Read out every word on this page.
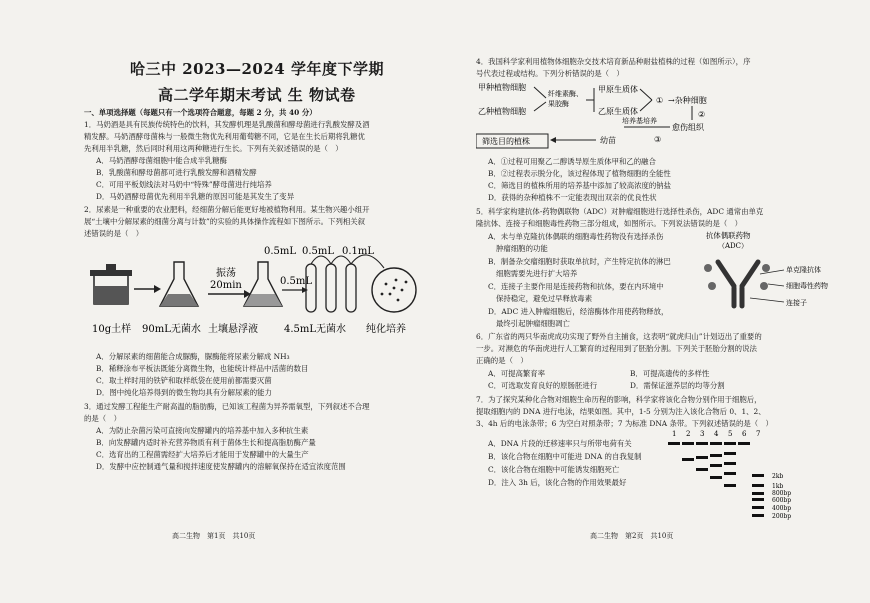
哈三中 2023—2024 学年度下学期
高二学年期末考试 生 物试卷
一、单项选择题（每题只有一个选项符合题意，每题 2 分，共 40 分）
1．马奶酒是具有民族传统特色的饮料，其发酵机理是乳酸菌和酵母菌进行乳酸发酵及酒
精发酵。马奶酒酵母菌株与一般微生物优先利用葡萄糖不同，它是在生长后期将乳糖优
先利用半乳糖，然后同时利用这两种糖进行生长。下列有关叙述错误的是（　）
A．马奶酒酵母菌细胞中能合成半乳糖酶
B．乳酸菌和酵母菌都可进行乳酸发酵和酒精发酵
C．可用平板划线法对马奶中“特殊”酵母菌进行纯培养
D．马奶酒酵母菌优先利用半乳糖的原因可能是其发生了变异
2．尿素是一种重要的农业肥料，经细菌分解后能更好地被植物利用。某生物兴趣小组开
展“土壤中分解尿素的细菌分离与计数”的实验的具体操作流程如下图所示。下列相关叙
述错误的是（　）
10g土样 90mL无菌水
振荡
20min
土壤悬浮液
0.5mL
0.5mL 0.5mL 0.1mL
4.5mL无菌水 纯化培养
A．分解尿素的细菌能合成脲酶，脲酶能将尿素分解成 NH₃
B．稀释涂布平板法既能分离微生物，也能统计样品中活菌的数目
C．取土样时用的铁铲和取样纸袋在使用前都需要灭菌
D．图中纯化培养得到的微生物均具有分解尿素的能力
3．通过发酵工程能生产耐高温的脂肪酶，已知该工程菌为异养需氧型，下列叙述不合理
的是（　）
A．为防止杂菌污染可直接向发酵罐内的培养基中加入多种抗生素
B．向发酵罐内适时补充营养物质有利于菌体生长和提高脂肪酶产量
C．选育出的工程菌需经扩大培养后才能用于发酵罐中的大量生产
D．发酵中应控制通气量和搅拌速度使发酵罐内的溶解氧保持在适宜浓度范围
高二生物　第1页　共10页
4．我国科学家利用植物体细胞杂交技术培育新品种耐盐植株的过程（如图所示），序
号代表过程或结构。下列分析错误的是（　）
甲种植物细胞
乙种植物细胞
纤维素酶、
果胶酶
甲原生质体
乙原生质体
① →杂种细胞
②
愈伤组织
培养基培养
③
筛选目的植株	幼苗
A．①过程可用聚乙二醇诱导原生质体甲和乙的融合
B．②过程表示脱分化，该过程体现了植物细胞的全能性
C．筛选目的植株所用的培养基中添加了较高浓度的钠盐
D．获得的杂种植株不一定能表现出双亲的优良性状
5．科学家构建抗体-药物偶联物（ADC）对肿瘤细胞进行选择性杀伤，ADC 通常由单克
隆抗体、连接子和细胞毒性药物三部分组成，如图所示。下列说法错误的是（　）
A．未与单克隆抗体偶联的细胞毒性药物没有选择杀伤
肿瘤细胞的功能
B．制备杂交瘤细胞时获取单抗时，产生特定抗体的淋巴
细胞需要先进行扩大培养
C．连接子主要作用是连接药物和抗体，要在内环境中
保持稳定，避免过早释放毒素
D．ADC 进入肿瘤细胞后，经溶酶体作用使药物释放，
最终引起肿瘤细胞凋亡
抗体偶联药物
（ADC）
单克隆抗体
细胞毒性药物
连接子
6．广东省的两只华南虎成功实现了野外自主捕食，这表明“就虎归山”计划迈出了重要的
一步。对濒危的华南虎进行人工繁育的过程用到了胚胎分割。下列关于胚胎分割的说法
正确的是（　）
A．可提高繁育率	B．可提高遗传的多样性
C．可选取发育良好的原肠胚进行	D．需保证滋养层的均等分割
7．为了探究某种化合物对细胞生命历程的影响，科学家将该化合物分别作用于细胞后，
提取细胞内的 DNA 进行电泳，结果如图。其中，1-5 分别为注入该化合物后 0、1、2、
3、4h 后的电泳条带；6 为空白对照条带；7 为标准 DNA 条带。下列叙述错误的是（　）
A．DNA 片段的迁移速率只与所带电荷有关
B．该化合物在细胞中可能进 DNA 的自我复制
C．该化合物在细胞中可能诱发细胞死亡
D．注入 3h 后，该化合物的作用效果最好
1 2 3 4 5 6 7
2kb
1kb
800bp
600bp
400bp
200bp
高二生物　第2页　共10页
